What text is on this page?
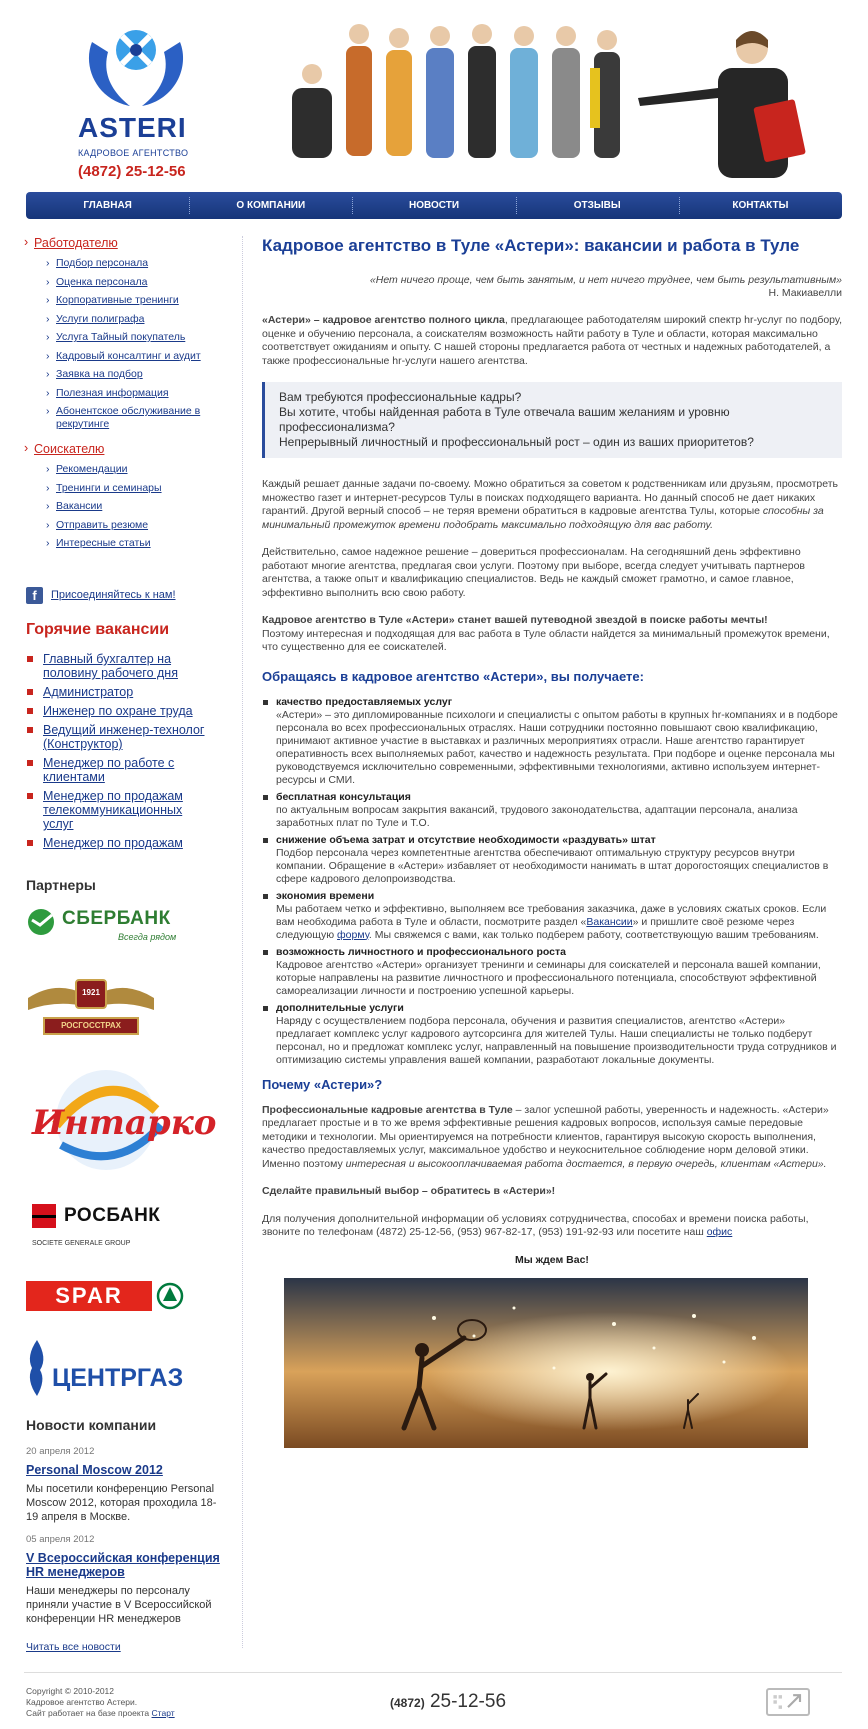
ASTERI
КАДРОВОЕ АГЕНТСТВО
(4872) 25-12-56
ГЛАВНАЯ	О КОМПАНИИ	НОВОСТИ	ОТЗЫВЫ	КОНТАКТЫ
› Работодателю
› Подбор персонала
› Оценка персонала
› Корпоративные тренинги
› Услуги полиграфа
› Услуга Тайный покупатель
› Кадровый консалтинг и аудит
› Заявка на подбор
› Полезная информация
› Абонентское обслуживание в рекрутинге
› Соискателю
› Рекомендации
› Тренинги и семинары
› Вакансии
› Отправить резюме
› Интересные статьи
f	Присоединяйтесь к нам!
Горячие вакансии
Главный бухгалтер на половину рабочего дня
Администратор
Инженер по охране труда
Ведущий инженер-технолог (Конструктор)
Менеджер по работе с клиентами
Менеджер по продажам телекоммуникационных услуг
Менеджер по продажам
Партнеры
СБЕРБАНК
Всегда рядом
1921
РОСГОССТРАХ
Интарко
РОСБАНК
SOCIETE GENERALE GROUP
SPAR
ЦЕНТРГАЗ
Новости компании
20 апреля 2012
Personal Moscow 2012
Мы посетили конференцию Personal Moscow 2012, которая проходила 18-19 апреля в Москве.
05 апреля 2012
V Всероссийская конференция HR менеджеров
Наши менеджеры по персоналу приняли участие в V Всероссийской конференции HR менеджеров
Читать все новости
Кадровое агентство в Туле «Астери»: вакансии и работа в Туле
«Нет ничего проще, чем быть занятым, и нет ничего труднее, чем быть результативным»
Н. Макиавелли

«Астери» – кадровое агентство полного цикла, предлагающее работодателям широкий спектр hr-услуг по подбору, оценке и обучению персонала, а соискателям возможность найти работу в Туле и области, которая максимально соответствует ожиданиям и опыту. С нашей стороны предлагается работа от честных и надежных работодателей, а также профессиональные hr-услуги нашего агентства.

Вам требуются профессиональные кадры?
Вы хотите, чтобы найденная работа в Туле отвечала вашим желаниям и уровню профессионализма?
Непрерывный личностный и профессиональный рост – один из ваших приоритетов?

Каждый решает данные задачи по-своему. Можно обратиться за советом к родственникам или друзьям, просмотреть множество газет и интернет-ресурсов Тулы в поисках подходящего варианта. Но данный способ не дает никаких гарантий. Другой верный способ – не теряя времени обратиться в кадровые агентства Тулы, которые способны за минимальный промежуток времени подобрать максимально подходящую для вас работу.

Действительно, самое надежное решение – довериться профессионалам. На сегодняшний день эффективно работают многие агентства, предлагая свои услуги. Поэтому при выборе, всегда следует учитывать партнеров агентства, а также опыт и квалификацию специалистов. Ведь не каждый сможет грамотно, и самое главное, эффективно выполнить всю свою работу.

Кадровое агентство в Туле «Астери» станет вашей путеводной звездой в поиске работы мечты!
Поэтому интересная и подходящая для вас работа в Туле области найдется за минимальный промежуток времени, что существенно для ее соискателей.

Обращаясь в кадровое агентство «Астери», вы получаете:
качество предоставляемых услуг
«Астери» – это дипломированные психологи и специалисты с опытом работы в крупных hr-компаниях и в подборе персонала во всех профессиональных отраслях. Наши сотрудники постоянно повышают свою квалификацию, принимают активное участие в выставках и различных мероприятиях отрасли. Наше агентство гарантирует оперативность всех выполняемых работ, качество и надежность результата. При подборе и оценке персонала мы руководствуемся исключительно современными, эффективными технологиями, активно используем интернет-ресурсы и СМИ.
бесплатная консультация
по актуальным вопросам закрытия вакансий, трудового законодательства, адаптации персонала, анализа заработных плат по Туле и Т.О.
снижение объема затрат и отсутствие необходимости «раздувать» штат
Подбор персонала через компетентные агентства обеспечивают оптимальную структуру ресурсов внутри компании. Обращение в «Астери» избавляет от необходимости нанимать в штат дорогостоящих специалистов в сфере кадрового делопроизводства.
экономия времени
Мы работаем четко и эффективно, выполняем все требования заказчика, даже в условиях сжатых сроков. Если вам необходима работа в Туле и области, посмотрите раздел «Вакансии» и пришлите своё резюме через следующую форму. Мы свяжемся с вами, как только подберем работу, соответствующую вашим требованиям.
возможность личностного и профессионального роста
Кадровое агентство «Астери» организует тренинги и семинары для соискателей и персонала вашей компании, которые направлены на развитие личностного и профессионального потенциала, способствуют эффективной самореализации личности и построению успешной карьеры.
дополнительные услуги
Наряду с осуществлением подбора персонала, обучения и развития специалистов, агентство «Астери» предлагает комплекс услуг кадрового аутсорсинга для жителей Тулы. Наши специалисты не только подберут персонал, но и предложат комплекс услуг, направленный на повышение производительности труда сотрудников и оптимизацию системы управления вашей компании, разработают локальные документы.
Почему «Астери»?

Профессиональные кадровые агентства в Туле – залог успешной работы, уверенность и надежность. «Астери» предлагает простые и в то же время эффективные решения кадровых вопросов, используя самые передовые методики и технологии. Мы ориентируемся на потребности клиентов, гарантируя высокую скорость выполнения, качество предоставляемых услуг, максимальное удобство и неукоснительное соблюдение норм деловой этики. Именно поэтому интересная и высокооплачиваемая работа достается, в первую очередь, клиентам «Астери».

Сделайте правильный выбор – обратитесь в «Астери»!

Для получения дополнительной информации об условиях сотрудничества, способах и времени поиска работы, звоните по телефонам (4872) 25-12-56, (953) 967-82-17, (953) 191-92-93 или посетите наш офис

Мы ждем Вас!
Copyright © 2010-2012
Кадровое агентство Астери.
Сайт работает на базе проекта Старт
(4872) 25-12-56
